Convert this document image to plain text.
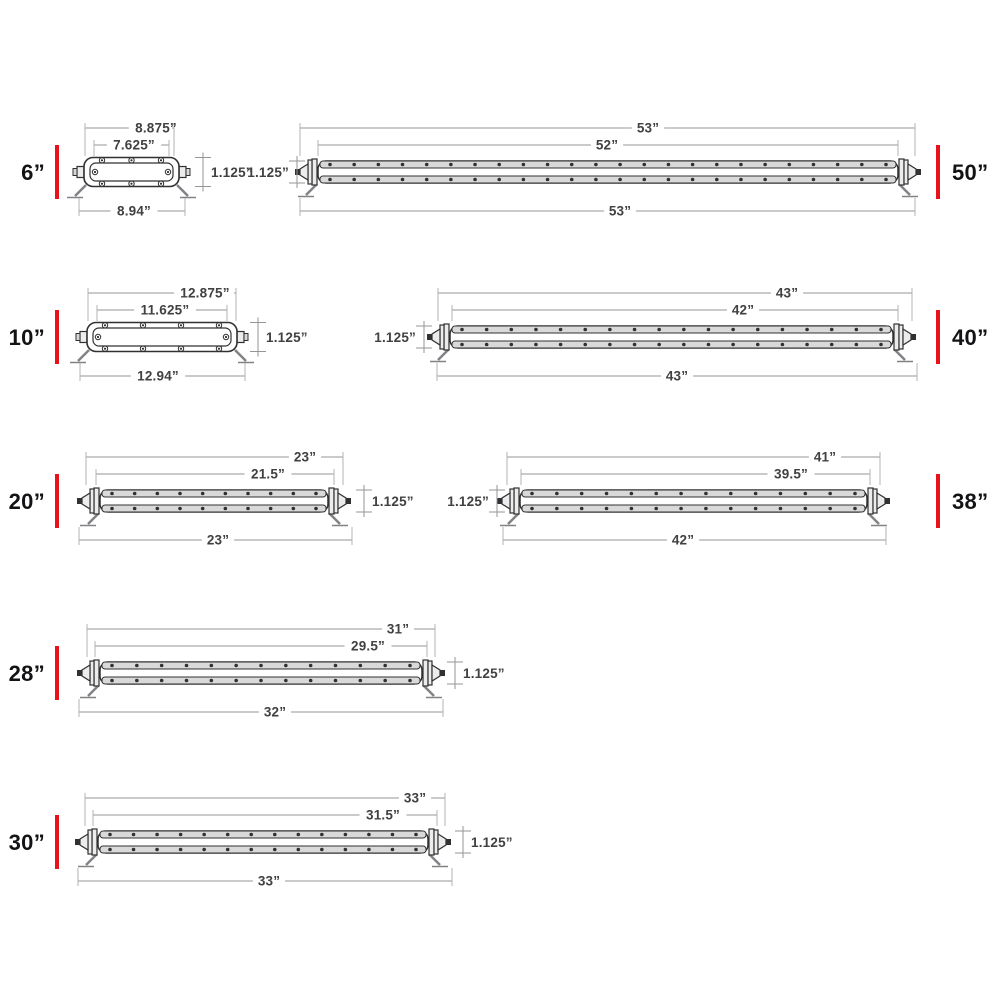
6”
8.875”
7.625”
8.94”
1.125”	50”
53”
52”
53”
1.125”
10”
12.875”
11.625”
12.94”
1.125”	40”
43”
42”
43”
1.125”
20”
23”
21.5”
23”
1.125”	38”
41”
39.5”
42”
1.125”
28”
31”
29.5”
32”
1.125”
30”
33”
31.5”
33”
1.125”
